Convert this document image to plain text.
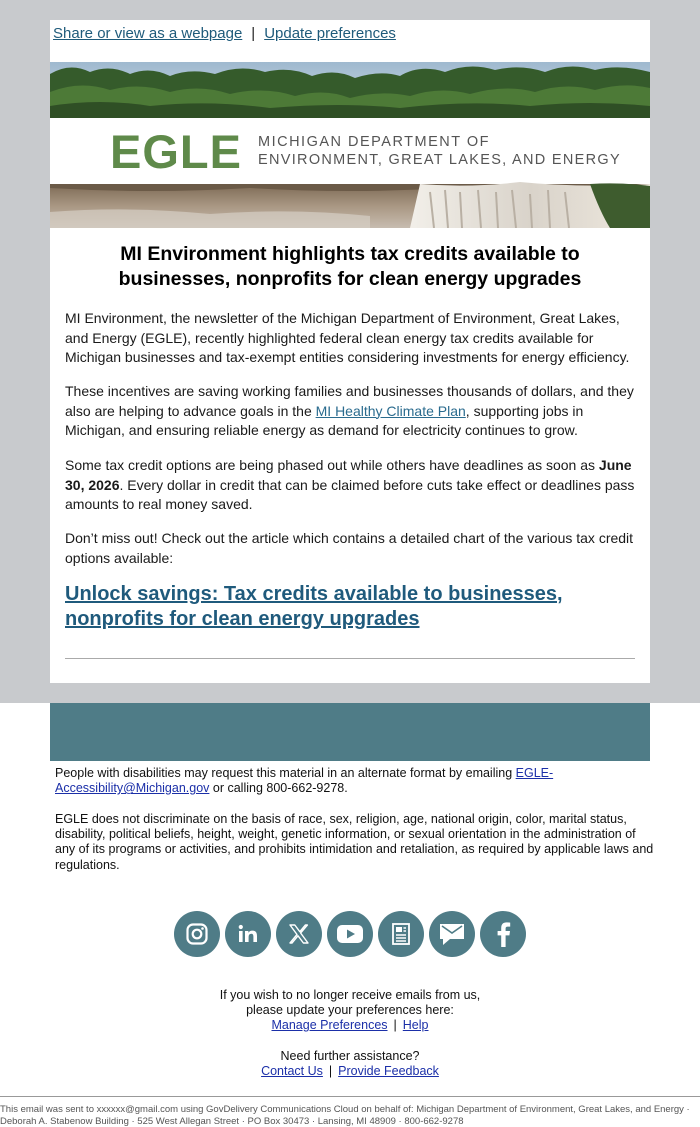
Share or view as a webpage | Update preferences
EGLE MICHIGAN DEPARTMENT OF
ENVIRONMENT, GREAT LAKES, AND ENERGY
MI Environment highlights tax credits available to businesses, nonprofits for clean energy upgrades
MI Environment, the newsletter of the Michigan Department of Environment, Great Lakes, and Energy (EGLE), recently highlighted federal clean energy tax credits available for Michigan businesses and tax-exempt entities considering investments for energy efficiency.
These incentives are saving working families and businesses thousands of dollars, and they also are helping to advance goals in the MI Healthy Climate Plan, supporting jobs in Michigan, and ensuring reliable energy as demand for electricity continues to grow.
Some tax credit options are being phased out while others have deadlines as soon as June 30, 2026. Every dollar in credit that can be claimed before cuts take effect or deadlines pass amounts to real money saved.
Don’t miss out! Check out the article which contains a detailed chart of the various tax credit options available:
Unlock savings: Tax credits available to businesses, nonprofits for clean energy upgrades
People with disabilities may request this material in an alternate format by emailing EGLE-Accessibility@Michigan.gov or calling 800-662-9278.
EGLE does not discriminate on the basis of race, sex, religion, age, national origin, color, marital status, disability, political beliefs, height, weight, genetic information, or sexual orientation in the administration of any of its programs or activities, and prohibits intimidation and retaliation, as required by applicable laws and regulations.
If you wish to no longer receive emails from us,
please update your preferences here:
Manage Preferences | Help
Need further assistance?
Contact Us | Provide Feedback
This email was sent to xxxxxx@gmail.com using GovDelivery Communications Cloud on behalf of: Michigan Department of Environment, Great Lakes, and Energy · Deborah A. Stabenow Building · 525 West Allegan Street · PO Box 30473 · Lansing, MI 48909 · 800-662-9278
